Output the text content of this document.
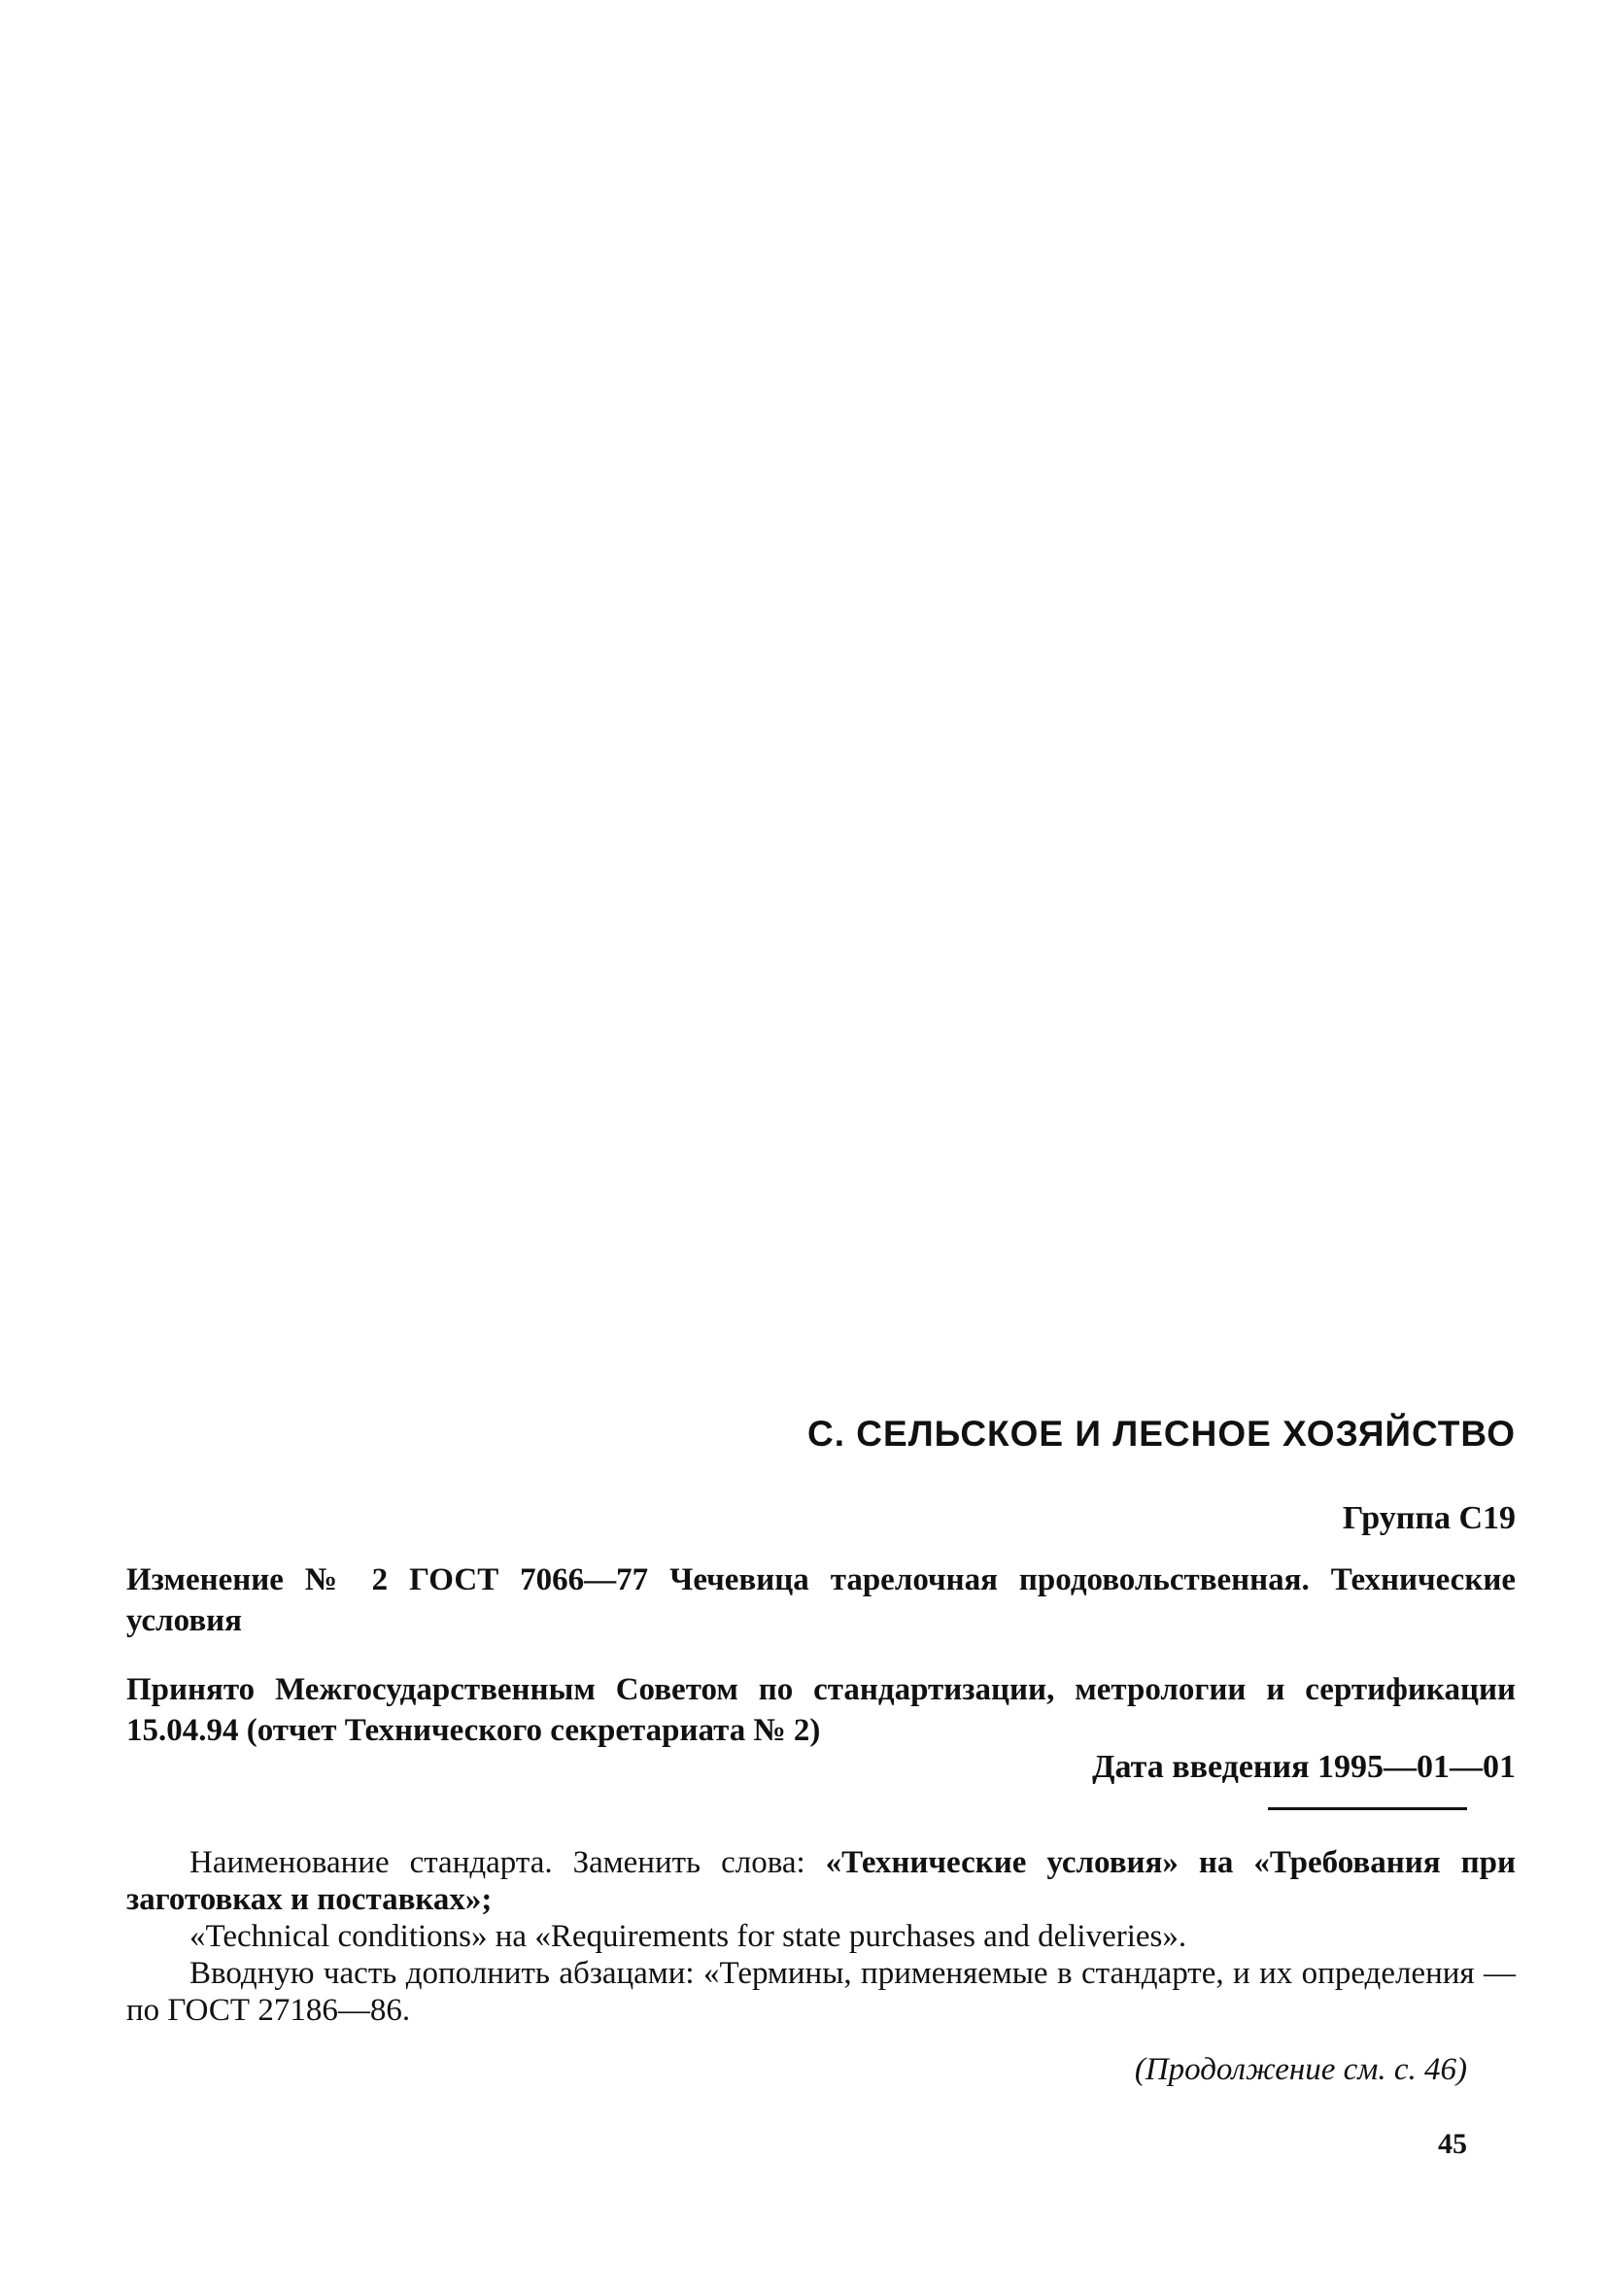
С. СЕЛЬСКОЕ И ЛЕСНОЕ ХОЗЯЙСТВО
Группа С19
Изменение № 2 ГОСТ 7066—77 Чечевица тарелочная продовольственная. Технические условия
Принято Межгосударственным Советом по стандартизации, метрологии и сертификации 15.04.94 (отчет Технического секретариата № 2)
Дата введения 1995—01—01

Наименование стандарта. Заменить слова: «Технические условия» на «Требования при заготовках и поставках»;

«Technical conditions» на «Requirements for state purchases and deliveries».

Вводную часть дополнить абзацами: «Термины, применяемые в стандарте, и их определения — по ГОСТ 27186—86.

(Продолжение см. с. 46)
45
